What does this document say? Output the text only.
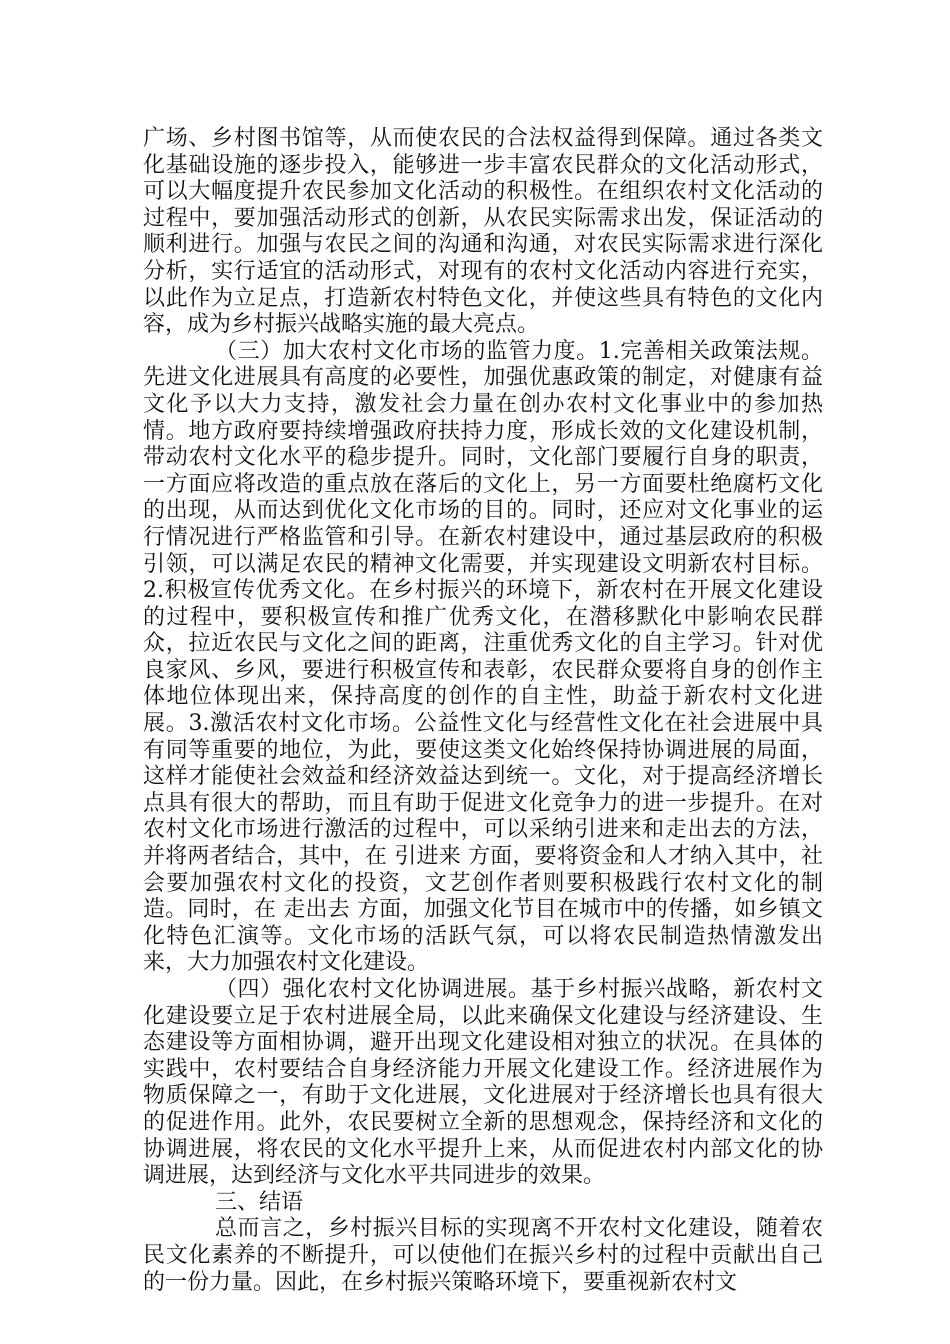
广场、乡村图书馆等，从而使农民的合法权益得到保障。通过各类文化基础设施的逐步投入，能够进一步丰富农民群众的文化活动形式，可以大幅度提升农民参加文化活动的积极性。在组织农村文化活动的过程中，要加强活动形式的创新，从农民实际需求出发，保证活动的顺利进行。加强与农民之间的沟通和沟通，对农民实际需求进行深化分析，实行适宜的活动形式，对现有的农村文化活动内容进行充实，以此作为立足点，打造新农村特色文化，并使这些具有特色的文化内容，成为乡村振兴战略实施的最大亮点。

（三）加大农村文化市场的监管力度。1.完善相关政策法规。先进文化进展具有高度的必要性，加强优惠政策的制定，对健康有益文化予以大力支持，激发社会力量在创办农村文化事业中的参加热情。地方政府要持续增强政府扶持力度，形成长效的文化建设机制，带动农村文化水平的稳步提升。同时，文化部门要履行自身的职责，一方面应将改造的重点放在落后的文化上，另一方面要杜绝腐朽文化的出现，从而达到优化文化市场的目的。同时，还应对文化事业的运行情况进行严格监管和引导。在新农村建设中，通过基层政府的积极引领，可以满足农民的精神文化需要，并实现建设文明新农村目标。2.积极宣传优秀文化。在乡村振兴的环境下，新农村在开展文化建设的过程中，要积极宣传和推广优秀文化，在潜移默化中影响农民群众，拉近农民与文化之间的距离，注重优秀文化的自主学习。针对优良家风、乡风，要进行积极宣传和表彰，农民群众要将自身的创作主体地位体现出来，保持高度的创作的自主性，助益于新农村文化进展。3.激活农村文化市场。公益性文化与经营性文化在社会进展中具有同等重要的地位，为此，要使这类文化始终保持协调进展的局面，这样才能使社会效益和经济效益达到统一。文化，对于提高经济增长点具有很大的帮助，而且有助于促进文化竞争力的进一步提升。在对农村文化市场进行激活的过程中，可以采纳引进来和走出去的方法，并将两者结合，其中，在 引进来 方面，要将资金和人才纳入其中，社会要加强农村文化的投资，文艺创作者则要积极践行农村文化的制造。同时，在 走出去 方面，加强文化节目在城市中的传播，如乡镇文化特色汇演等。文化市场的活跃气氛，可以将农民制造热情激发出来，大力加强农村文化建设。

（四）强化农村文化协调进展。基于乡村振兴战略，新农村文化建设要立足于农村进展全局，以此来确保文化建设与经济建设、生态建设等方面相协调，避开出现文化建设相对独立的状况。在具体的实践中，农村要结合自身经济能力开展文化建设工作。经济进展作为物质保障之一，有助于文化进展，文化进展对于经济增长也具有很大的促进作用。此外，农民要树立全新的思想观念，保持经济和文化的协调进展，将农民的文化水平提升上来，从而促进农村内部文化的协调进展，达到经济与文化水平共同进步的效果。

三、结语

总而言之，乡村振兴目标的实现离不开农村文化建设，随着农民文化素养的不断提升，可以使他们在振兴乡村的过程中贡献出自己的一份力量。因此，在乡村振兴策略环境下，要重视新农村文
